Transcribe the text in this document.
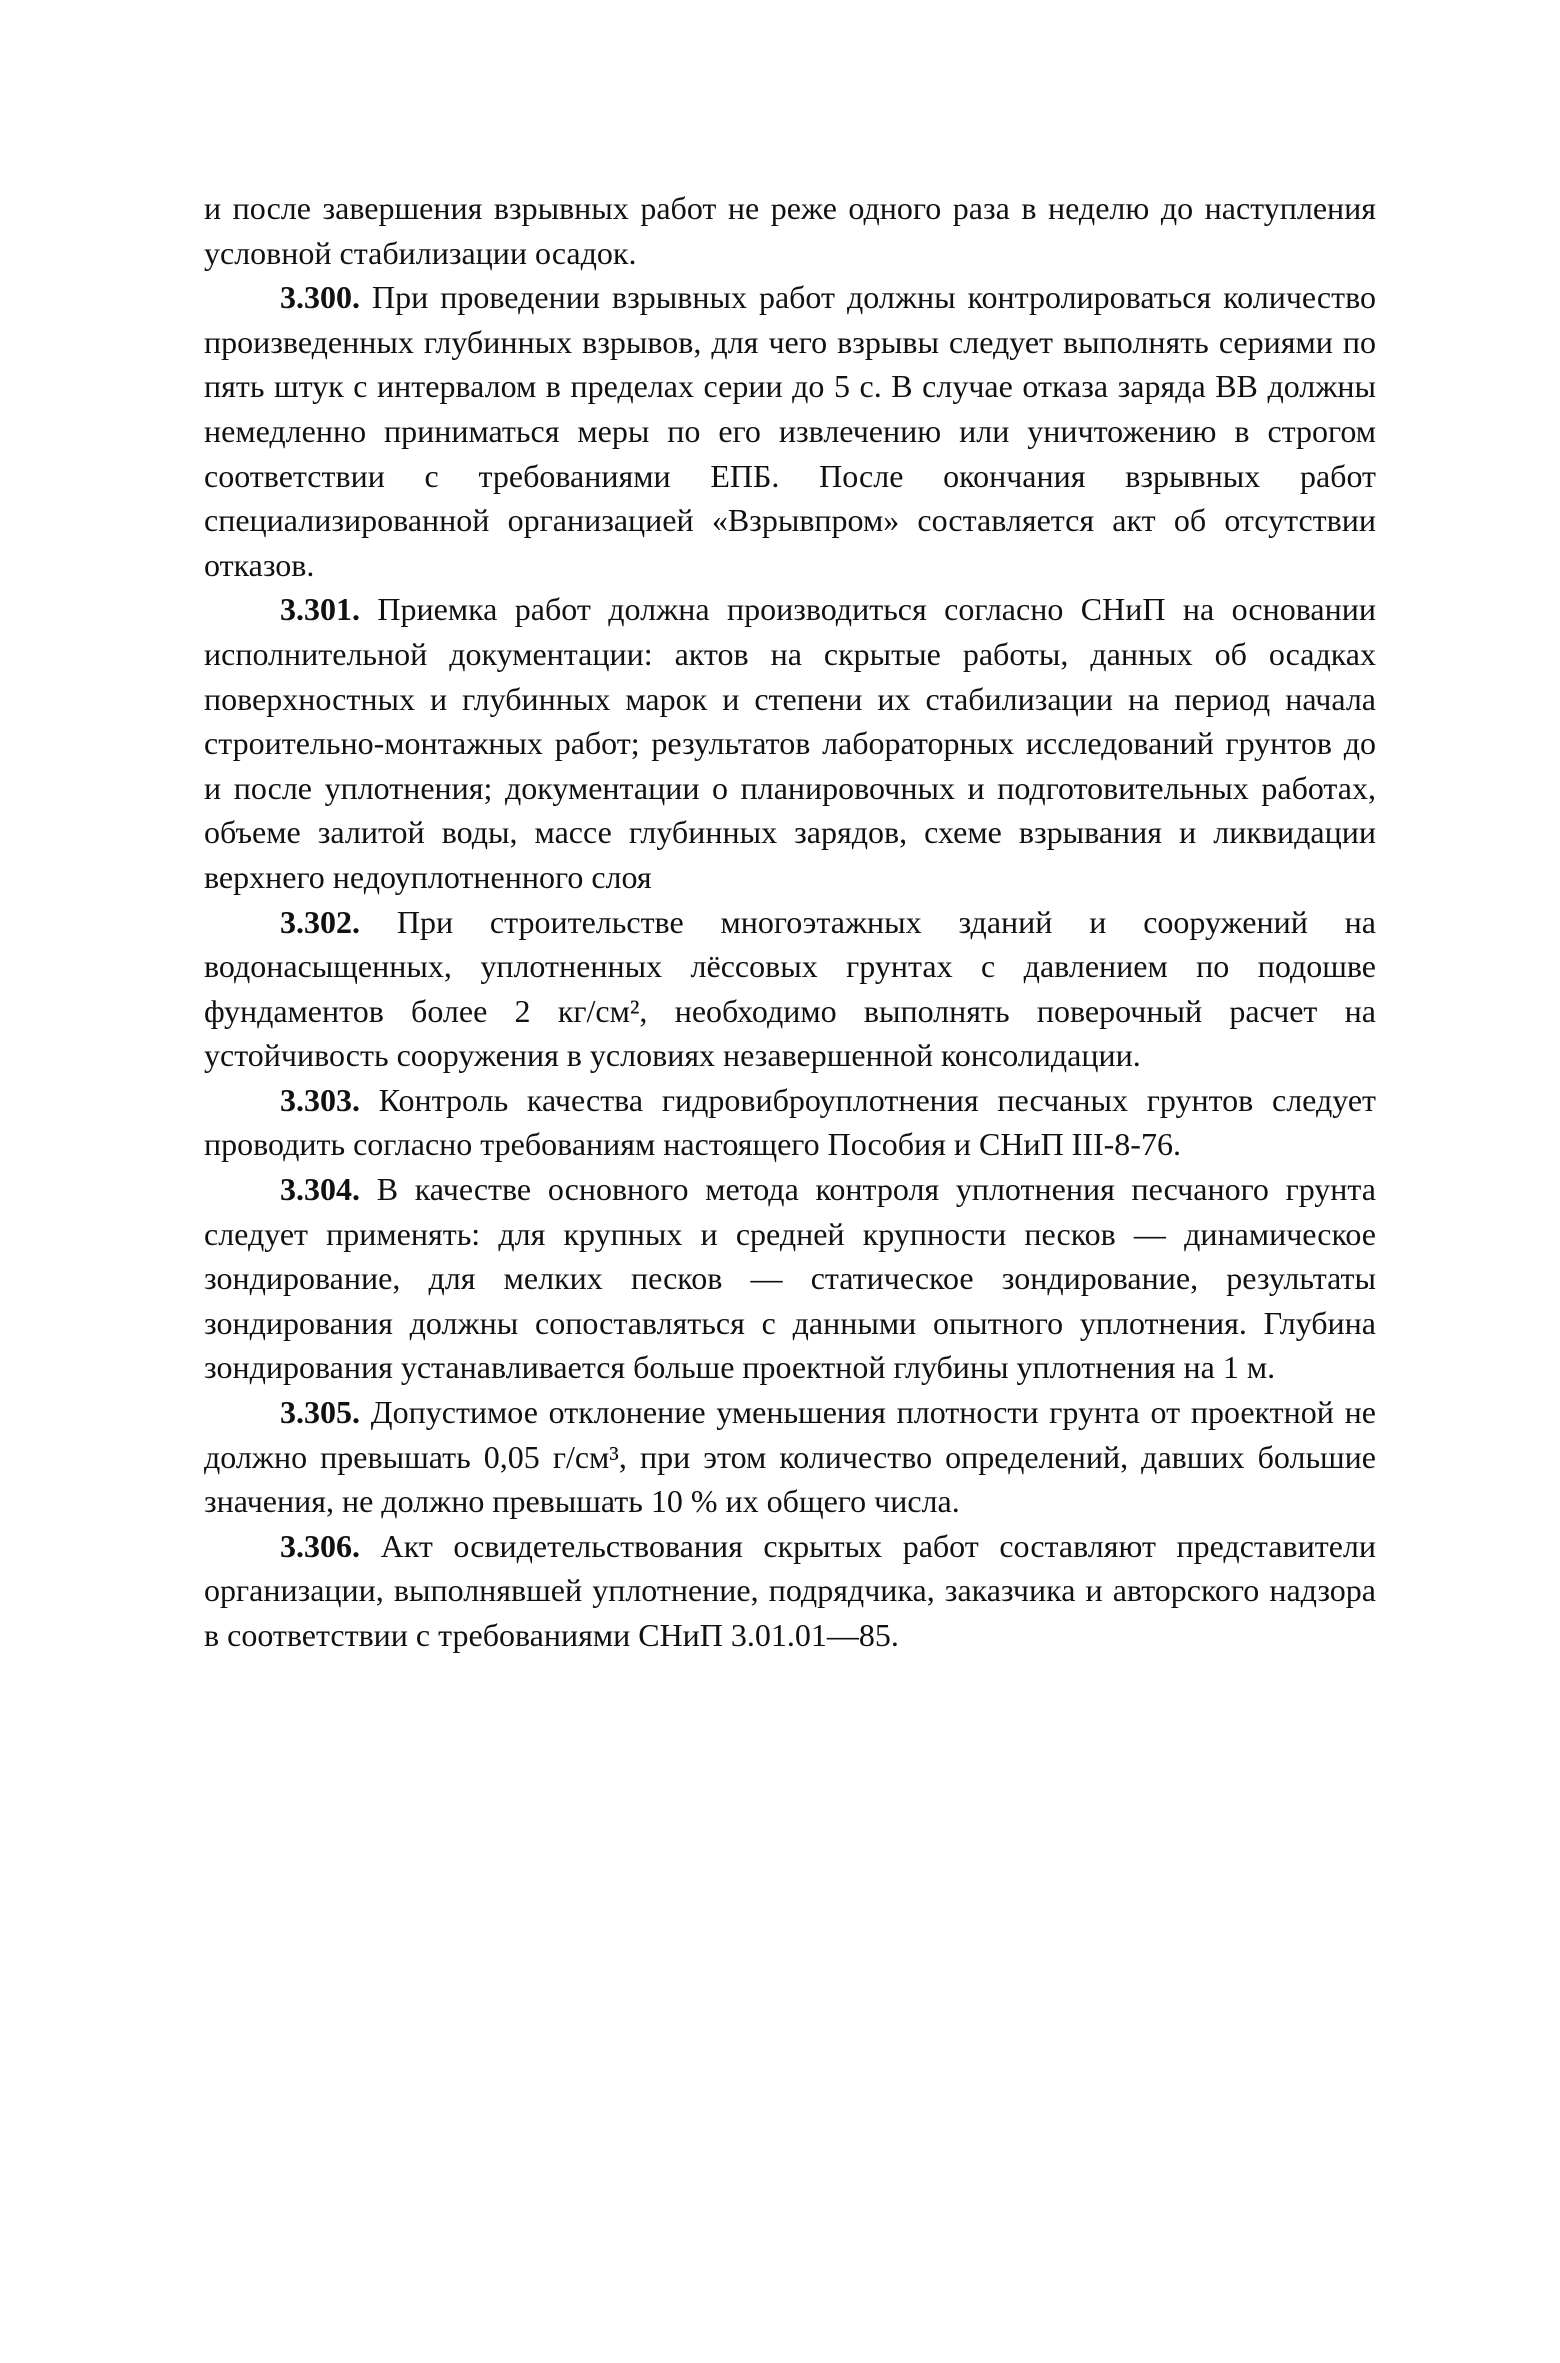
и после завершения взрывных работ не реже одного раза в неделю до наступления условной стабилизации осадок.

3.300. При проведении взрывных работ должны контролироваться количество произведенных глубинных взрывов, для чего взрывы следует выполнять сериями по пять штук с интервалом в пределах серии до 5 с. В случае отказа заряда ВВ должны немедленно приниматься меры по его извлечению или уничтожению в строгом соответствии с требованиями ЕПБ. После окончания взрывных работ специализированной организацией «Взрывпром» составляется акт об отсутствии отказов.

3.301. Приемка работ должна производиться согласно СНиП на основании исполнительной документации: актов на скрытые работы, данных об осадках поверхностных и глубинных марок и степени их стабилизации на период начала строительно-монтажных работ; результатов лабораторных исследований грунтов до и после уплотнения; документации о планировочных и подготовительных работах, объеме залитой воды, массе глубинных зарядов, схеме взрывания и ликвидации верхнего недоуплотненного слоя

3.302. При строительстве многоэтажных зданий и сооружений на водонасыщенных, уплотненных лёссовых грунтах с давлением по подошве фундаментов более 2 кг/см², необходимо выполнять поверочный расчет на устойчивость сооружения в условиях незавершенной консолидации.

3.303. Контроль качества гидровиброуплотнения песчаных грунтов следует проводить согласно требованиям настоящего Пособия и СНиП III-8-76.

3.304. В качестве основного метода контроля уплотнения песчаного грунта следует применять: для крупных и средней крупности песков — динамическое зондирование, для мелких песков — статическое зондирование, результаты зондирования должны сопоставляться с данными опытного уплотнения. Глубина зондирования устанавливается больше проектной глубины уплотнения на 1 м.

3.305. Допустимое отклонение уменьшения плотности грунта от проектной не должно превышать 0,05 г/см³, при этом количество определений, давших большие значения, не должно превышать 10 % их общего числа.

3.306. Акт освидетельствования скрытых работ составляют представители организации, выполнявшей уплотнение, подрядчика, заказчика и авторского надзора в соответствии с требованиями СНиП 3.01.01—85.
